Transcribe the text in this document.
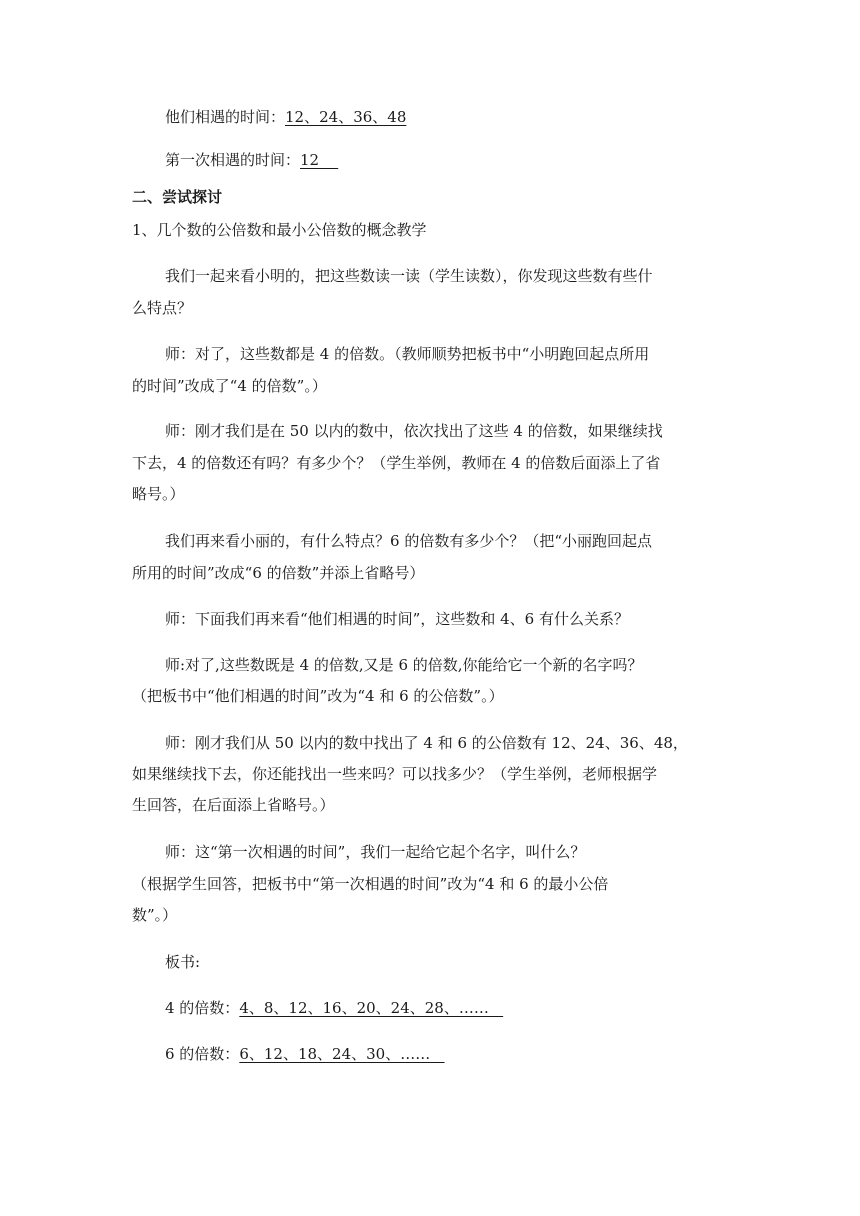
他们相遇的时间：12、24、36、48
第一次相遇的时间：12
二、尝试探讨
1、几个数的公倍数和最小公倍数的概念教学
我们一起来看小明的，把这些数读一读（学生读数），你发现这些数有些什
么特点？
师：对了，这些数都是 4 的倍数。（教师顺势把板书中“小明跑回起点所用
的时间”改成了“4 的倍数”。）
师：刚才我们是在 50 以内的数中，依次找出了这些 4 的倍数，如果继续找
下去，4 的倍数还有吗？有多少个？（学生举例，教师在 4 的倍数后面添上了省
略号。）
我们再来看小丽的，有什么特点？6 的倍数有多少个？（把“小丽跑回起点
所用的时间”改成“6 的倍数”并添上省略号）
师：下面我们再来看“他们相遇的时间”，这些数和 4、6 有什么关系？
师:对了,这些数既是 4 的倍数,又是 6 的倍数,你能给它一个新的名字吗？
（把板书中“他们相遇的时间”改为“4 和 6 的公倍数”。）
师：刚才我们从 50 以内的数中找出了 4 和 6 的公倍数有 12、24、36、48，
如果继续找下去，你还能找出一些来吗？可以找多少？（学生举例，老师根据学
生回答，在后面添上省略号。）
师：这“第一次相遇的时间”，我们一起给它起个名字，叫什么？
（根据学生回答，把板书中“第一次相遇的时间”改为“4 和 6 的最小公倍
数”。）
板书:
4 的倍数：4、8、12、16、20、24、28、……
6 的倍数：6、12、18、24、30、……
